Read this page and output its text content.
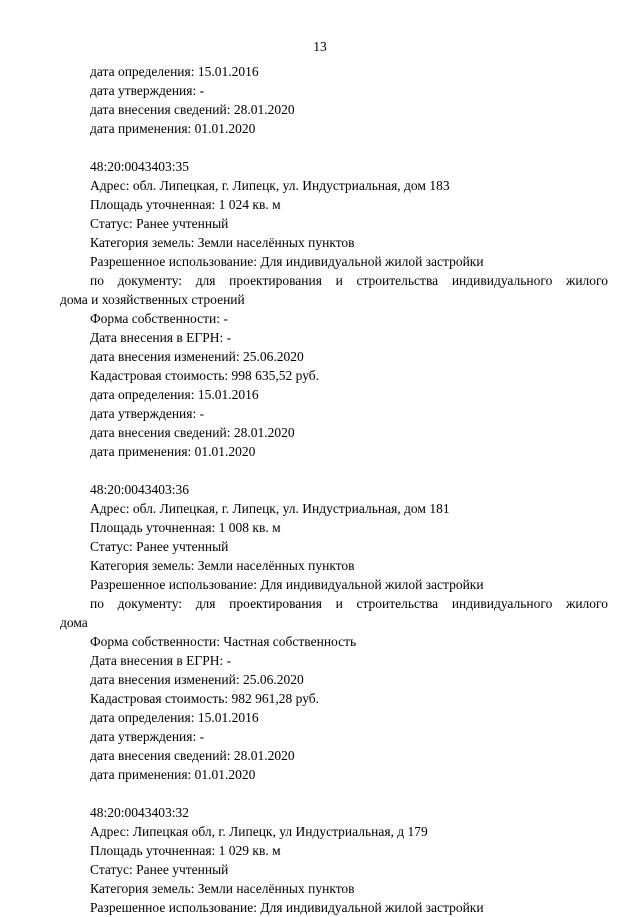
13
дата определения: 15.01.2016
дата утверждения: -
дата внесения сведений: 28.01.2020
дата применения: 01.01.2020
48:20:0043403:35
Адрес: обл. Липецкая, г. Липецк, ул. Индустриальная, дом 183
Площадь уточненная: 1 024 кв. м
Статус: Ранее учтенный
Категория земель: Земли населённых пунктов
Разрешенное использование: Для индивидуальной жилой застройки
по документу: для проектирования и строительства индивидуального жилого
дома и хозяйственных строений
Форма собственности: -
Дата внесения в ЕГРН: -
дата внесения изменений: 25.06.2020
Кадастровая стоимость: 998 635,52 руб.
дата определения: 15.01.2016
дата утверждения: -
дата внесения сведений: 28.01.2020
дата применения: 01.01.2020
48:20:0043403:36
Адрес: обл. Липецкая, г. Липецк, ул. Индустриальная, дом 181
Площадь уточненная: 1 008 кв. м
Статус: Ранее учтенный
Категория земель: Земли населённых пунктов
Разрешенное использование: Для индивидуальной жилой застройки
по документу: для проектирования и строительства индивидуального жилого
дома
Форма собственности: Частная собственность
Дата внесения в ЕГРН: -
дата внесения изменений: 25.06.2020
Кадастровая стоимость: 982 961,28 руб.
дата определения: 15.01.2016
дата утверждения: -
дата внесения сведений: 28.01.2020
дата применения: 01.01.2020
48:20:0043403:32
Адрес: Липецкая обл, г. Липецк, ул Индустриальная, д 179
Площадь уточненная: 1 029 кв. м
Статус: Ранее учтенный
Категория земель: Земли населённых пунктов
Разрешенное использование: Для индивидуальной жилой застройки
